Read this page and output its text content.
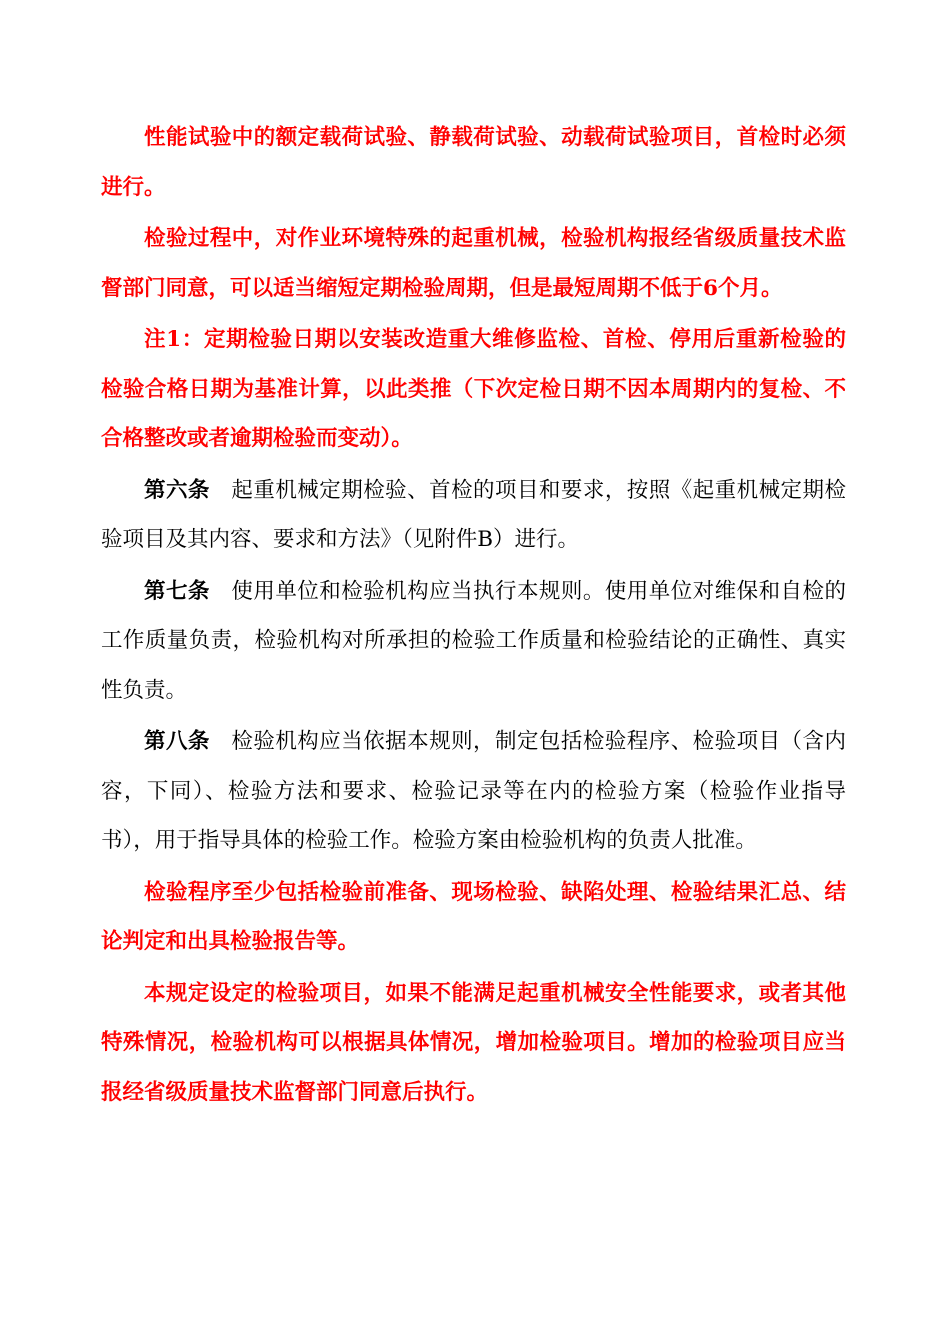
性能试验中的额定载荷试验、静载荷试验、动载荷试验项目，首检时必须进行。

检验过程中，对作业环境特殊的起重机械，检验机构报经省级质量技术监督部门同意，可以适当缩短定期检验周期，但是最短周期不低于6个月。

注1：定期检验日期以安装改造重大维修监检、首检、停用后重新检验的检验合格日期为基准计算，以此类推（下次定检日期不因本周期内的复检、不合格整改或者逾期检验而变动）。

第六条 起重机械定期检验、首检的项目和要求，按照《起重机械定期检验项目及其内容、要求和方法》（见附件B）进行。

第七条 使用单位和检验机构应当执行本规则。使用单位对维保和自检的工作质量负责，检验机构对所承担的检验工作质量和检验结论的正确性、真实性负责。

第八条 检验机构应当依据本规则，制定包括检验程序、检验项目（含内容，下同）、检验方法和要求、检验记录等在内的检验方案（检验作业指导书），用于指导具体的检验工作。检验方案由检验机构的负责人批准。

检验程序至少包括检验前准备、现场检验、缺陷处理、检验结果汇总、结论判定和出具检验报告等。

本规定设定的检验项目，如果不能满足起重机械安全性能要求，或者其他特殊情况，检验机构可以根据具体情况，增加检验项目。增加的检验项目应当报经省级质量技术监督部门同意后执行。
